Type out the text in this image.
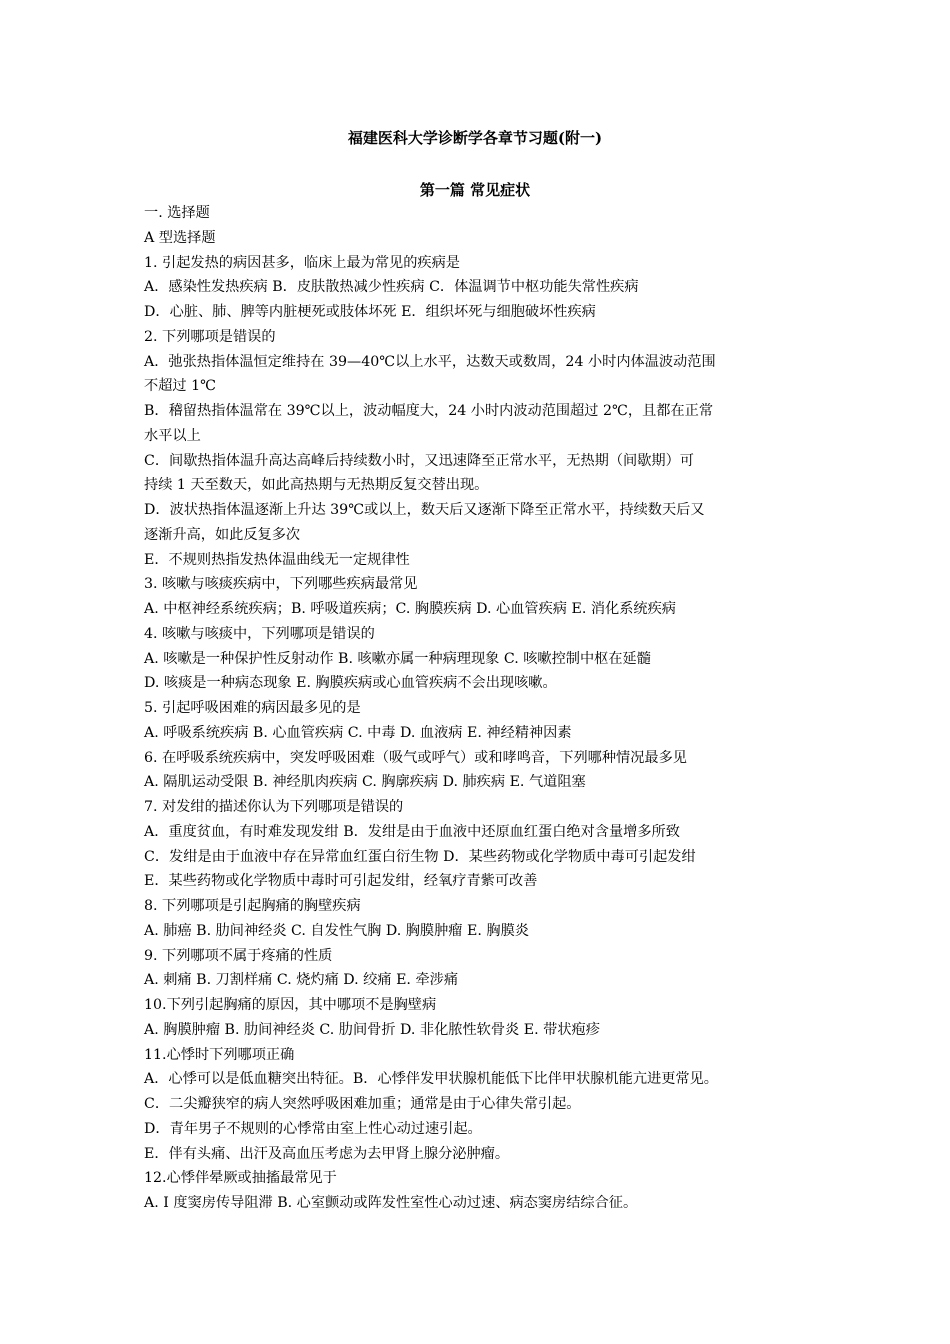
福建医科大学诊断学各章节习题(附一)
第一篇 常见症状
一. 选择题
A 型选择题
1. 引起发热的病因甚多，临床上最为常见的疾病是
A．感染性发热疾病 B．皮肤散热减少性疾病 C．体温调节中枢功能失常性疾病
D．心脏、肺、脾等内脏梗死或肢体坏死 E．组织坏死与细胞破坏性疾病
2. 下列哪项是错误的
A．弛张热指体温恒定维持在 39—40℃以上水平，达数天或数周，24 小时内体温波动范围
不超过 1℃
B．稽留热指体温常在 39℃以上，波动幅度大，24 小时内波动范围超过 2℃，且都在正常
水平以上
C．间歇热指体温升高达高峰后持续数小时，又迅速降至正常水平，无热期（间歇期）可
持续 1 天至数天，如此高热期与无热期反复交替出现。
D．波状热指体温逐渐上升达 39℃或以上，数天后又逐渐下降至正常水平，持续数天后又
逐渐升高，如此反复多次
E．不规则热指发热体温曲线无一定规律性
3. 咳嗽与咳痰疾病中，下列哪些疾病最常见
A. 中枢神经系统疾病；B. 呼吸道疾病；C. 胸膜疾病 D. 心血管疾病 E. 消化系统疾病
4. 咳嗽与咳痰中，下列哪项是错误的
A. 咳嗽是一种保护性反射动作 B. 咳嗽亦属一种病理现象 C. 咳嗽控制中枢在延髓
D. 咳痰是一种病态现象 E. 胸膜疾病或心血管疾病不会出现咳嗽。
5. 引起呼吸困难的病因最多见的是
A. 呼吸系统疾病 B. 心血管疾病 C. 中毒 D. 血液病 E. 神经精神因素
6. 在呼吸系统疾病中，突发呼吸困难（吸气或呼气）或和哮鸣音，下列哪种情况最多见
A. 隔肌运动受限 B. 神经肌肉疾病 C. 胸廓疾病 D. 肺疾病 E. 气道阻塞
7. 对发绀的描述你认为下列哪项是错误的
A．重度贫血，有时难发现发绀 B．发绀是由于血液中还原血红蛋白绝对含量增多所致
C．发绀是由于血液中存在异常血红蛋白衍生物 D．某些药物或化学物质中毒可引起发绀
E．某些药物或化学物质中毒时可引起发绀，经氧疗青紫可改善
8. 下列哪项是引起胸痛的胸壁疾病
A. 肺癌 B. 肋间神经炎 C. 自发性气胸 D. 胸膜肿瘤 E. 胸膜炎
9. 下列哪项不属于疼痛的性质
A. 刺痛 B. 刀割样痛 C. 烧灼痛 D. 绞痛 E. 牵涉痛
10.下列引起胸痛的原因，其中哪项不是胸壁病
A. 胸膜肿瘤 B. 肋间神经炎 C. 肋间骨折 D. 非化脓性软骨炎 E. 带状疱疹
11.心悸时下列哪项正确
A．心悸可以是低血糖突出特征。B．心悸伴发甲状腺机能低下比伴甲状腺机能亢进更常见。
C．二尖瓣狭窄的病人突然呼吸困难加重；通常是由于心律失常引起。
D．青年男子不规则的心悸常由室上性心动过速引起。
E．伴有头痛、出汗及高血压考虑为去甲肾上腺分泌肿瘤。
12.心悸伴晕厥或抽搐最常见于
A. I 度窦房传导阻滞 B. 心室颤动或阵发性室性心动过速、病态窦房结综合征。
